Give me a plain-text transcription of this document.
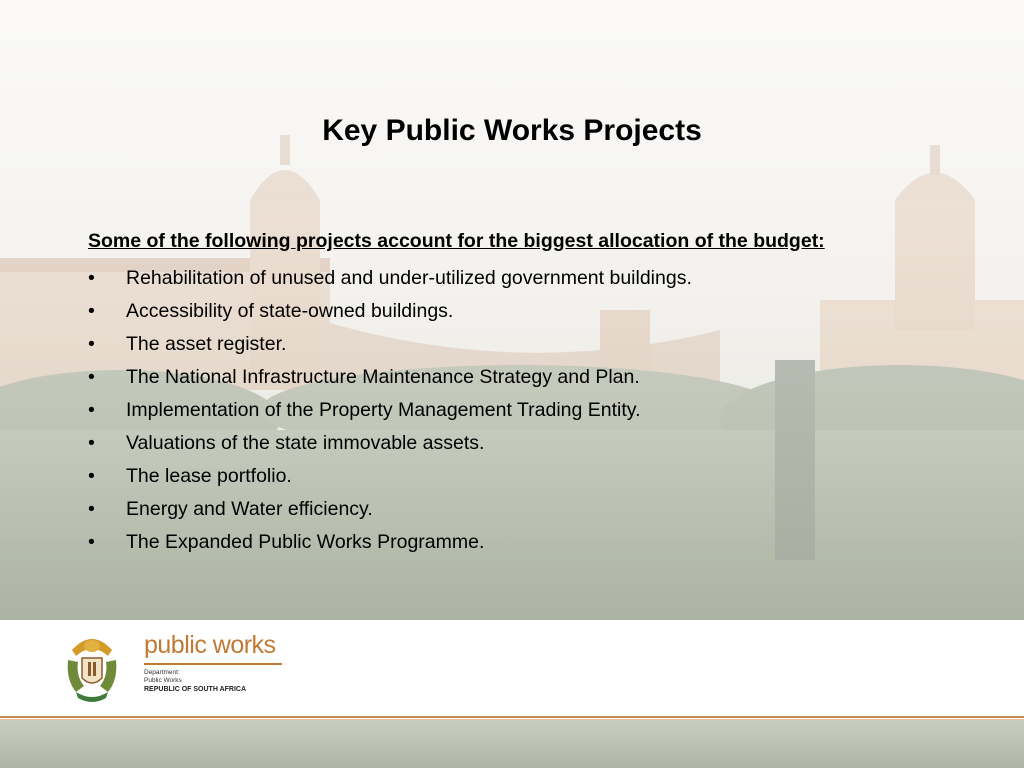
Key Public Works Projects
Some of the following projects account for the biggest allocation of the budget:
•	Rehabilitation of unused and under-utilized government buildings.
•	Accessibility of state-owned buildings.
•	The asset register.
•	The National Infrastructure Maintenance Strategy and Plan.
•	Implementation of the Property Management Trading Entity.
•	Valuations of the state immovable assets.
•	The lease portfolio.
•	Energy and Water efficiency.
•	The Expanded Public Works Programme.
public works
Department:
Public Works
REPUBLIC OF SOUTH AFRICA
